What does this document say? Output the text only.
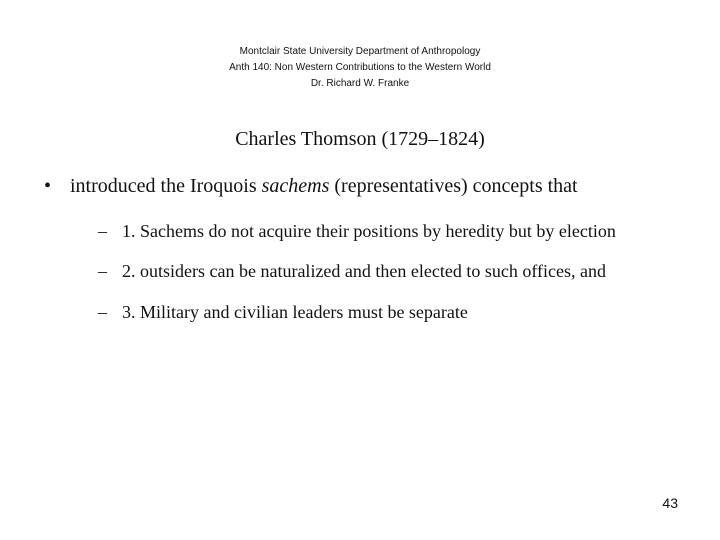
Montclair State University Department of Anthropology
Anth 140: Non Western Contributions to the Western World
Dr. Richard W. Franke
Charles Thomson (1729–1824)
• introduced the Iroquois sachems (representatives) concepts that
– 1. Sachems do not acquire their positions by heredity but by election
– 2. outsiders can be naturalized and then elected to such offices, and
– 3. Military and civilian leaders must be separate
43
